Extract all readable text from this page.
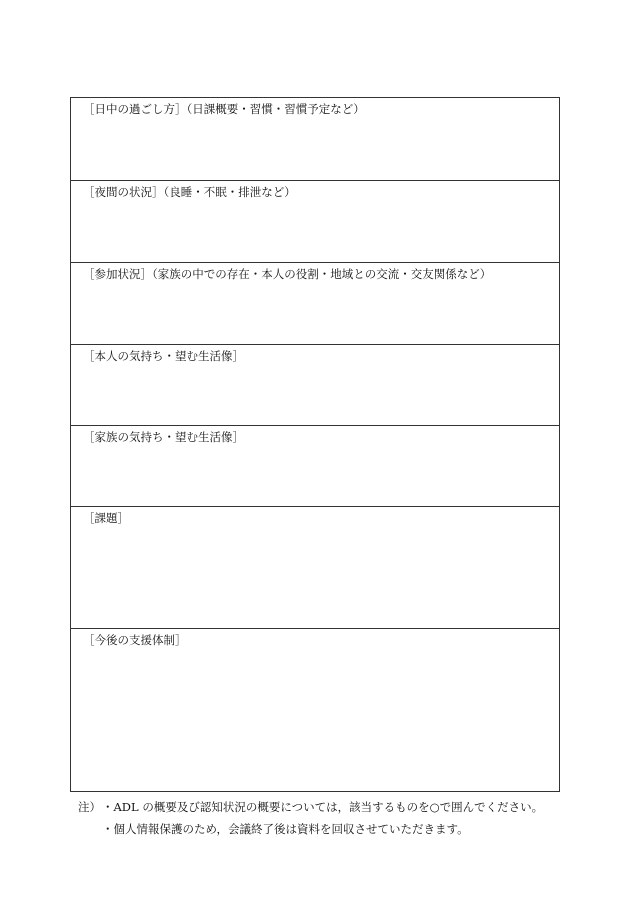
［日中の過ごし方］（日課概要・習慣・習慣予定など）
［夜間の状況］（良睡・不眠・排泄など）
［参加状況］（家族の中での存在・本人の役割・地域との交流・交友関係など）
［本人の気持ち・望む生活像］
［家族の気持ち・望む生活像］
［課題］
［今後の支援体制］
注） ・ADL の概要及び認知状況の概要については，該当するものを○で囲んでください。
・個人情報保護のため，会議終了後は資料を回収させていただきます。
